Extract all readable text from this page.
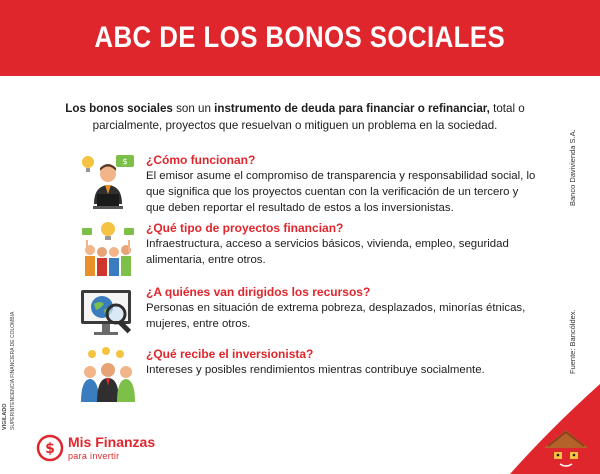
ABC DE LOS BONOS SOCIALES
Los bonos sociales son un instrumento de deuda para financiar o refinanciar, total o parcialmente, proyectos que resuelvan o mitiguen un problema en la sociedad.
$ ¿Cómo funcionan?

El emisor asume el compromiso de transparencia y responsabilidad social, lo que significa que los proyectos cuentan con la verificación de un tercero y que deben reportar el resultado de estos a los inversionistas.

¿Qué tipo de proyectos financian?

Infraestructura, acceso a servicios básicos, vivienda, empleo, seguridad alimentaria, entre otros.

¿A quiénes van dirigidos los recursos?

Personas en situación de extrema pobreza, desplazados, minorías étnicas, mujeres, entre otros.

¿Qué recibe el inversionista?

Intereses y posibles rendimientos mientras contribuye socialmente.

Banco Davivienda S.A.
Fuente: Bancóldex.
VIGILADO SUPERINTENDENCIA FINANCIERA DE COLOMBIA
$ Mis Finanzas
para invertir
